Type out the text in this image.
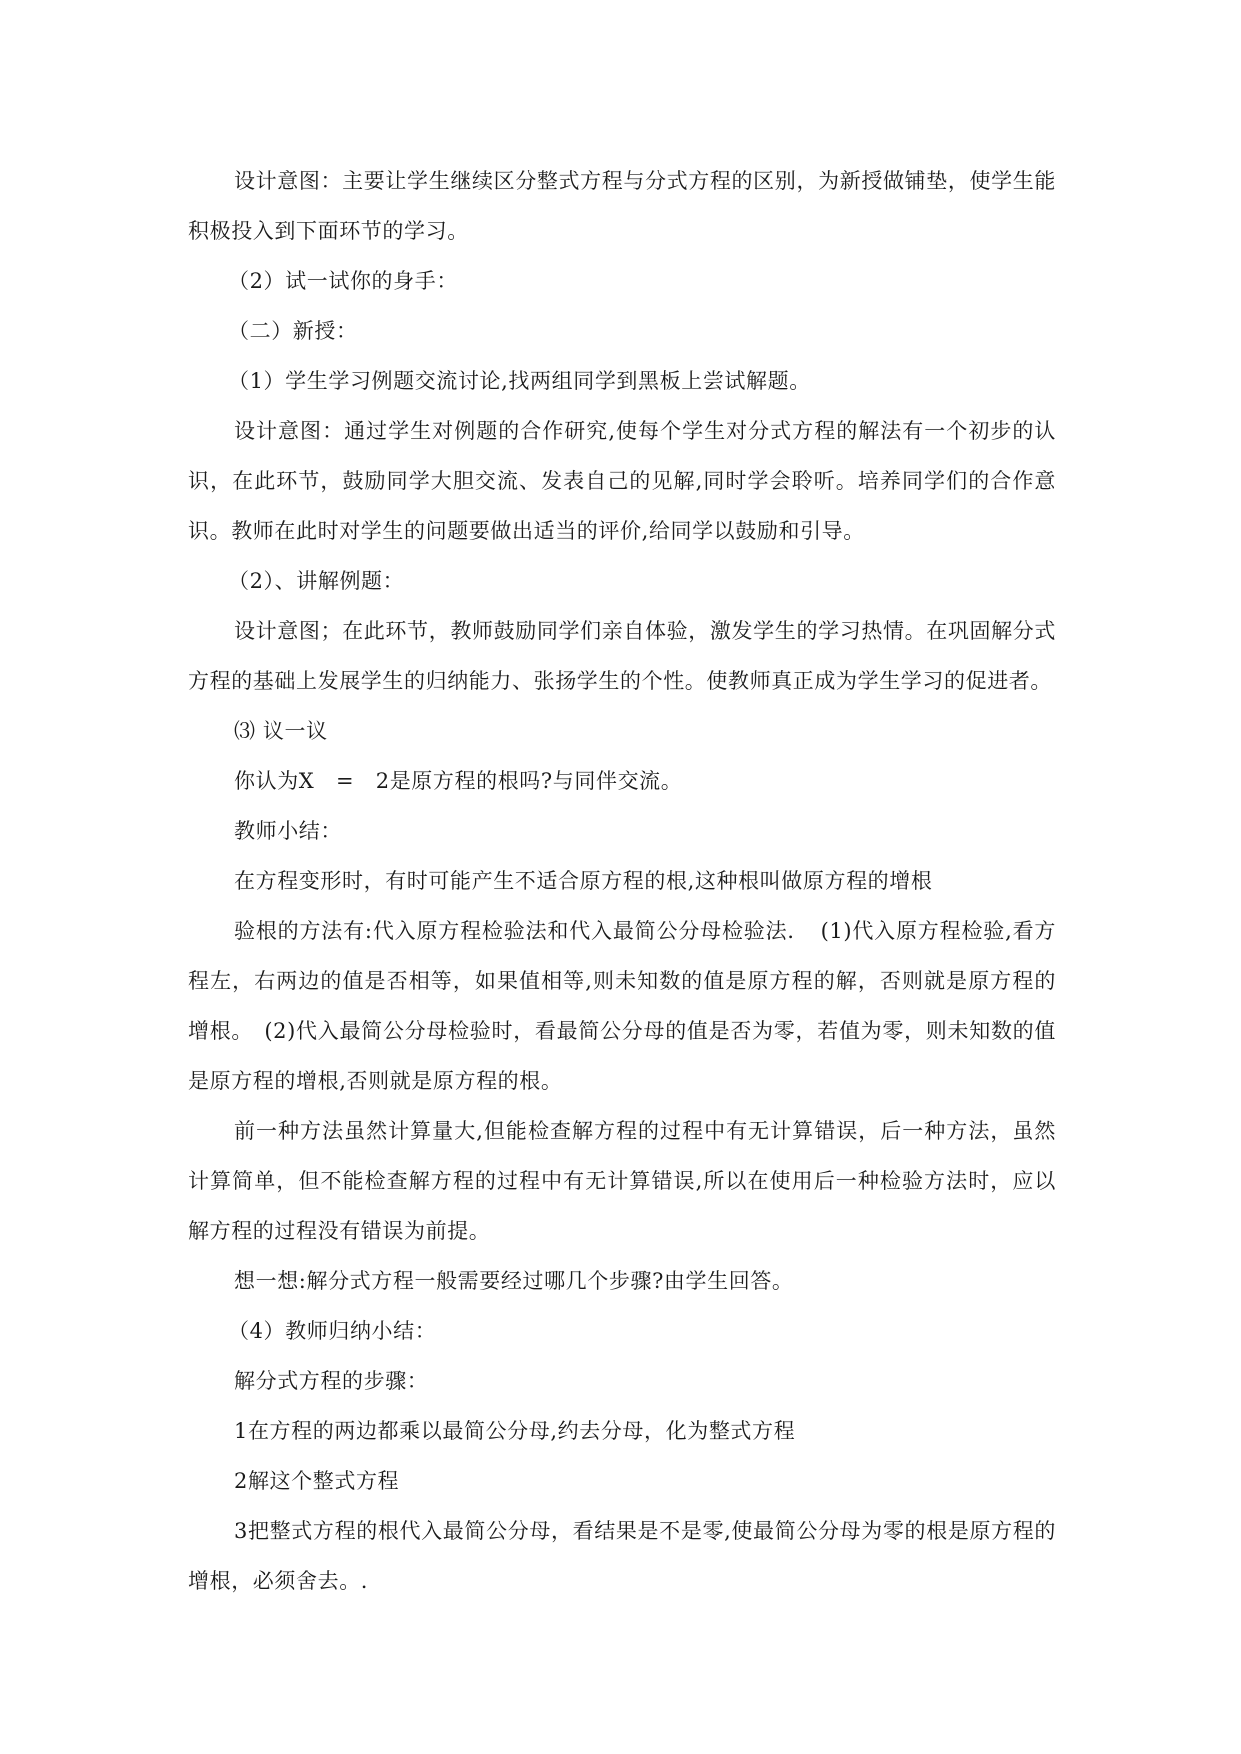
设计意图：主要让学生继续区分整式方程与分式方程的区别，为新授做铺垫，使学生能积极投入到下面环节的学习。

（2）试一试你的身手：

（二）新授：

（1）学生学习例题交流讨论,找两组同学到黑板上尝试解题。

设计意图：通过学生对例题的合作研究,使每个学生对分式方程的解法有一个初步的认识，在此环节，鼓励同学大胆交流、发表自己的见解,同时学会聆听。培养同学们的合作意识。教师在此时对学生的问题要做出适当的评价,给同学以鼓励和引导。

（2）、讲解例题：

设计意图；在此环节，教师鼓励同学们亲自体验，激发学生的学习热情。在巩固解分式方程的基础上发展学生的归纳能力、张扬学生的个性。使教师真正成为学生学习的促进者。

⑶ 议一议

你认为X　=　2是原方程的根吗?与同伴交流。

教师小结：

在方程变形时，有时可能产生不适合原方程的根,这种根叫做原方程的增根

验根的方法有:代入原方程检验法和代入最简公分母检验法．　(1)代入原方程检验,看方程左，右两边的值是否相等，如果值相等,则未知数的值是原方程的解，否则就是原方程的增根。　(2)代入最简公分母检验时，看最简公分母的值是否为零，若值为零，则未知数的值是原方程的增根,否则就是原方程的根。

前一种方法虽然计算量大,但能检查解方程的过程中有无计算错误，后一种方法，虽然计算简单，但不能检查解方程的过程中有无计算错误,所以在使用后一种检验方法时，应以解方程的过程没有错误为前提。

想一想:解分式方程一般需要经过哪几个步骤?由学生回答。

（4）教师归纳小结：

解分式方程的步骤：

1在方程的两边都乘以最简公分母,约去分母，化为整式方程

2解这个整式方程

3把整式方程的根代入最简公分母，看结果是不是零,使最简公分母为零的根是原方程的增根，必须舍去。.
